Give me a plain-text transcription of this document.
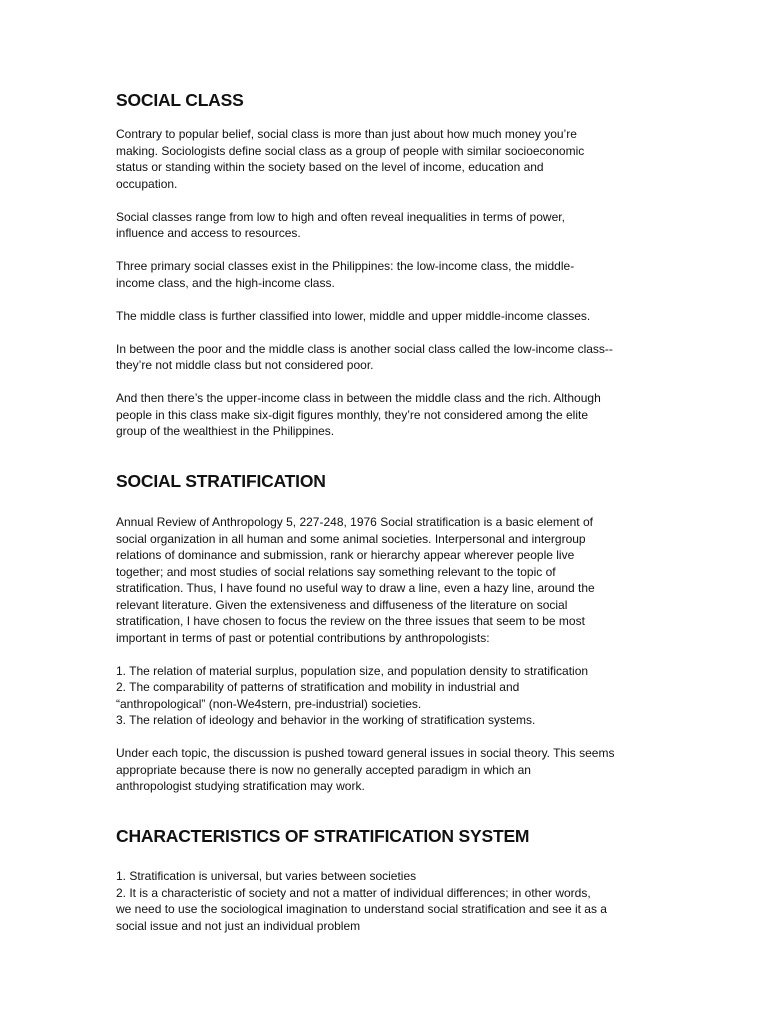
SOCIAL CLASS

Contrary to popular belief, social class is more than just about how much money you’re
making. Sociologists define social class as a group of people with similar socioeconomic
status or standing within the society based on the level of income, education and
occupation.

Social classes range from low to high and often reveal inequalities in terms of power,
influence and access to resources.

Three primary social classes exist in the Philippines: the low-income class, the middle-
income class, and the high-income class.

The middle class is further classified into lower, middle and upper middle-income classes.

In between the poor and the middle class is another social class called the low-income class--
they’re not middle class but not considered poor.

And then there’s the upper-income class in between the middle class and the rich. Although
people in this class make six-digit figures monthly, they’re not considered among the elite
group of the wealthiest in the Philippines.

SOCIAL STRATIFICATION

Annual Review of Anthropology 5, 227-248, 1976 Social stratification is a basic element of
social organization in all human and some animal societies. Interpersonal and intergroup
relations of dominance and submission, rank or hierarchy appear wherever people live
together; and most studies of social relations say something relevant to the topic of
stratification. Thus, I have found no useful way to draw a line, even a hazy line, around the
relevant literature. Given the extensiveness and diffuseness of the literature on social
stratification, I have chosen to focus the review on the three issues that seem to be most
important in terms of past or potential contributions by anthropologists:

1. The relation of material surplus, population size, and population density to stratification
2. The comparability of patterns of stratification and mobility in industrial and
“anthropological” (non-We4stern, pre-industrial) societies.
3. The relation of ideology and behavior in the working of stratification systems.

Under each topic, the discussion is pushed toward general issues in social theory. This seems
appropriate because there is now no generally accepted paradigm in which an
anthropologist studying stratification may work.

CHARACTERISTICS OF STRATIFICATION SYSTEM

1. Stratification is universal, but varies between societies
2. It is a characteristic of society and not a matter of individual differences; in other words,
we need to use the sociological imagination to understand social stratification and see it as a
social issue and not just an individual problem
